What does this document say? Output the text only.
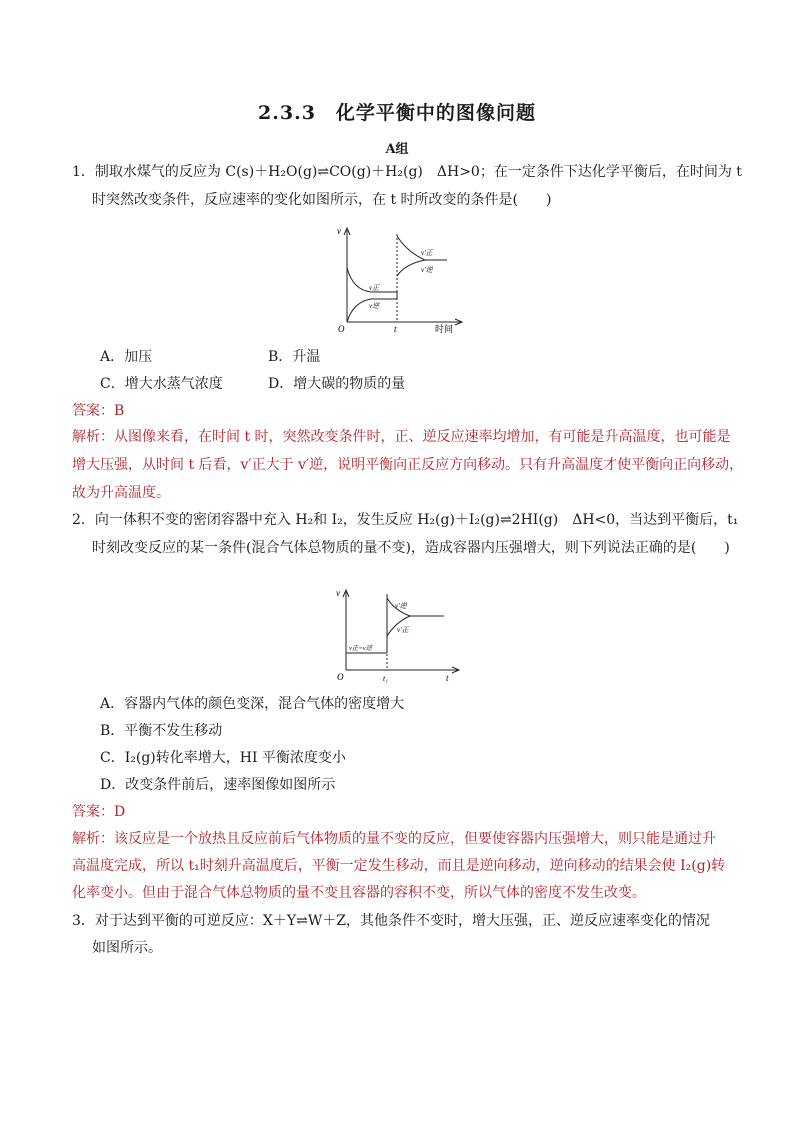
2.3.3　化学平衡中的图像问题
A组
1．制取水煤气的反应为 C(s)＋H₂O(g)⇌CO(g)＋H₂(g)　ΔH>0；在一定条件下达化学平衡后，在时间为 t
时突然改变条件，反应速率的变化如图所示，在 t 时所改变的条件是(　　)
v
O	t	时间
v正
v逆
v′正
v′逆
A．加压	B．升温
C．增大水蒸气浓度	D．增大碳的物质的量
答案：B
解析：从图像来看，在时间 t 时，突然改变条件时，正、逆反应速率均增加，有可能是升高温度，也可能是
增大压强，从时间 t 后看，v′正大于 v′逆，说明平衡向正反应方向移动。只有升高温度才使平衡向正向移动，
故为升高温度。
2．向一体积不变的密闭容器中充入 H₂和 I₂，发生反应 H₂(g)＋I₂(g)⇌2HI(g)　ΔH<0，当达到平衡后，t₁
时刻改变反应的某一条件(混合气体总物质的量不变)，造成容器内压强增大，则下列说法正确的是(　　)
v
O	t₁	t
v正=v逆
v′逆
v′正
A．容器内气体的颜色变深，混合气体的密度增大
B．平衡不发生移动
C．I₂(g)转化率增大，HI 平衡浓度变小
D．改变条件前后，速率图像如图所示
答案：D
解析：该反应是一个放热且反应前后气体物质的量不变的反应，但要使容器内压强增大，则只能是通过升
高温度完成，所以 t₁时刻升高温度后，平衡一定发生移动，而且是逆向移动，逆向移动的结果会使 I₂(g)转
化率变小。但由于混合气体总物质的量不变且容器的容积不变，所以气体的密度不发生改变。
3．对于达到平衡的可逆反应：X＋Y⇌W＋Z，其他条件不变时，增大压强，正、逆反应速率变化的情况
如图所示。
